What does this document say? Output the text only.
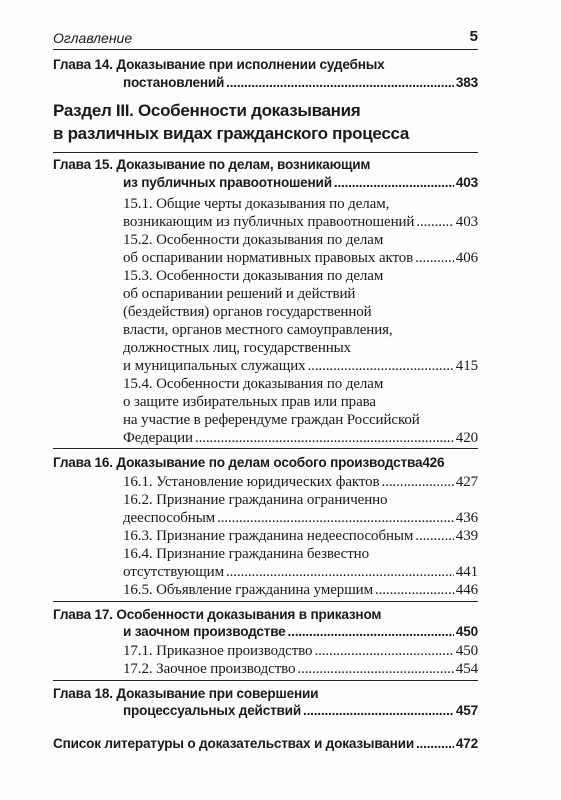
Оглавление	5
Глава 14. Доказывание при исполнении судебных
постановлений .....	383
Раздел III. Особенности доказывания
в различных видах гражданского процесса
Глава 15. Доказывание по делам, возникающим
из публичных правоотношений .....	403
15.1. Общие черты доказывания по делам,
возникающим из публичных правоотношений .....	403
15.2. Особенности доказывания по делам
об оспаривании нормативных правовых актов .....	406
15.3. Особенности доказывания по делам
об оспаривании решений и действий
(бездействия) органов государственной
власти, органов местного самоуправления,
должностных лиц, государственных
и муниципальных служащих .....	415
15.4. Особенности доказывания по делам
о защите избирательных прав или права
на участие в референдуме граждан Российской
Федерации .....	420
Глава 16. Доказывание по делам особого производства 426
16.1. Установление юридических фактов .....	427
16.2. Признание гражданина ограниченно
дееспособным .....	436
16.3. Признание гражданина недееспособным .....	439
16.4. Признание гражданина безвестно
отсутствующим .....	441
16.5. Объявление гражданина умершим .....	446
Глава 17. Особенности доказывания в приказном
и заочном производстве .....	450
17.1. Приказное производство .....	450
17.2. Заочное производство .....	454
Глава 18. Доказывание при совершении
процессуальных действий .....	457
Список литературы о доказательствах и доказывании .....	472
